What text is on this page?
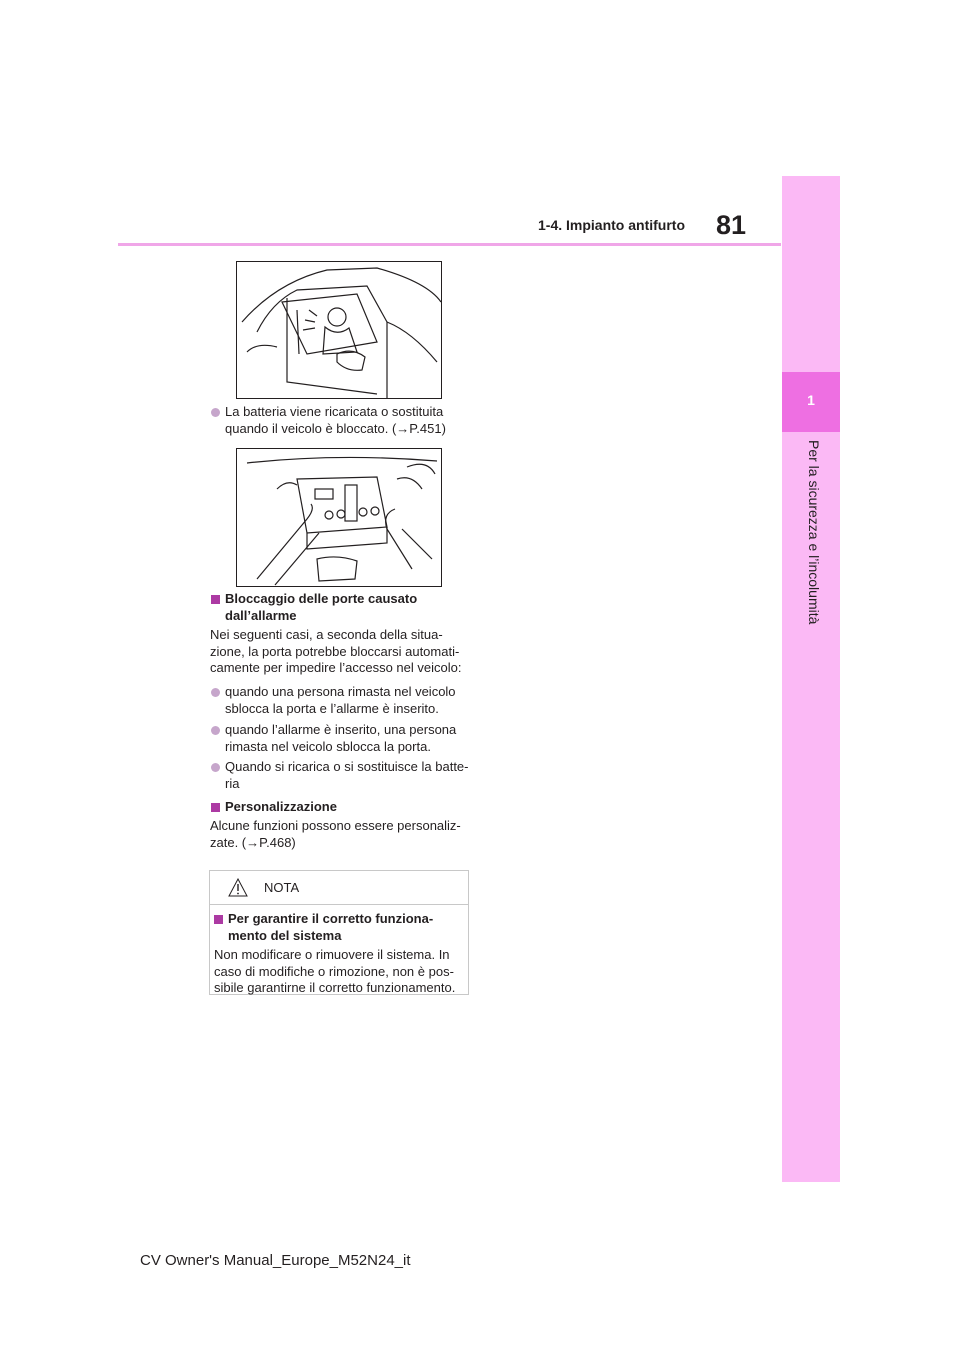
1-4. Impianto antifurto 81
1
Per la sicurezza e l’incolumità
La batteria viene ricaricata o sostituita
quando il veicolo è bloccato. (→P.451)
Bloccaggio delle porte causato
dall’allarme
Nei seguenti casi, a seconda della situa-
zione, la porta potrebbe bloccarsi automati-
camente per impedire l’accesso nel veicolo:
quando una persona rimasta nel veicolo
sblocca la porta e l’allarme è inserito.
quando l’allarme è inserito, una persona
rimasta nel veicolo sblocca la porta.
Quando si ricarica o si sostituisce la batte-
ria
Personalizzazione
Alcune funzioni possono essere personaliz-
zate. (→P.468)
NOTA
Per garantire il corretto funziona-
mento del sistema
Non modificare o rimuovere il sistema. In
caso di modifiche o rimozione, non è pos-
sibile garantirne il corretto funzionamento.
CV Owner's Manual_Europe_M52N24_it
